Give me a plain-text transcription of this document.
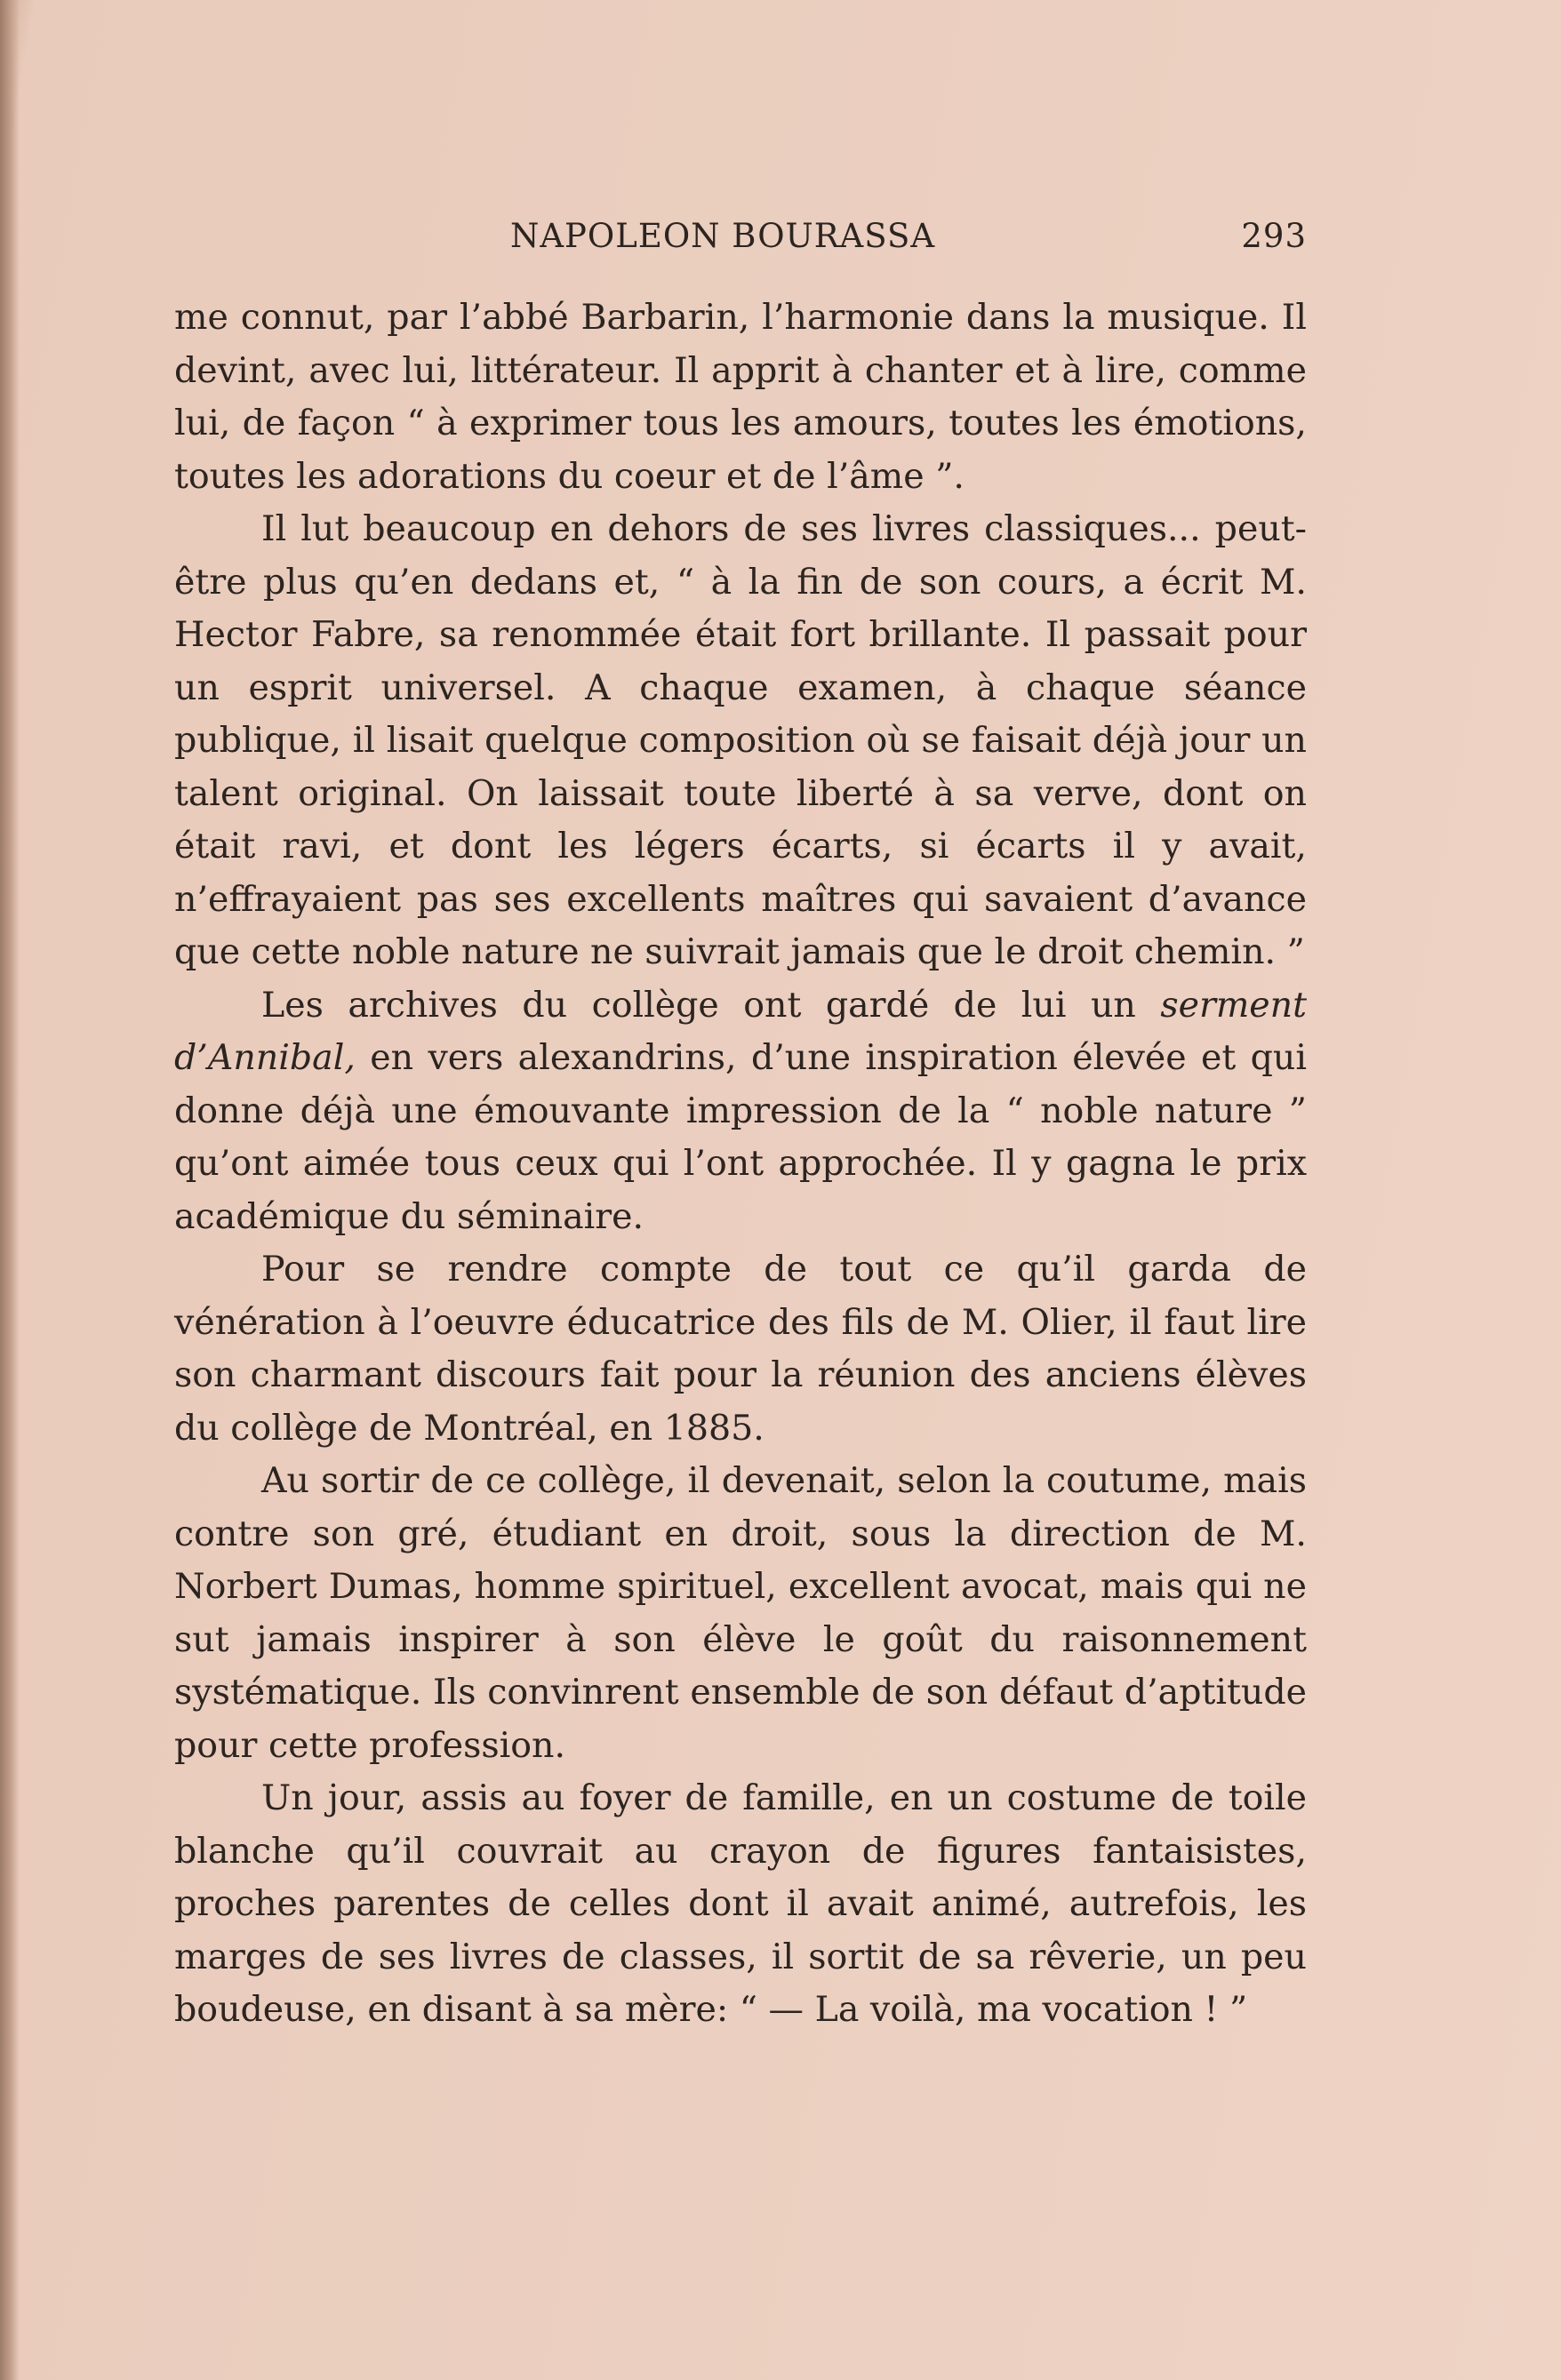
NAPOLEON BOURASSA	293

me connut, par l’abbé Barbarin, l’harmonie dans la musique. Il devint, avec lui, littérateur. Il apprit à chanter et à lire, comme lui, de façon “ à exprimer tous les amours, toutes les émotions, toutes les adorations du coeur et de l’âme ”.

Il lut beaucoup en dehors de ses livres classiques... peut-être plus qu’en dedans et, “ à la fin de son cours, a écrit M. Hector Fabre, sa renommée était fort brillante. Il passait pour un esprit universel. A chaque examen, à chaque séance publique, il lisait quelque composition où se faisait déjà jour un talent original. On laissait toute liberté à sa verve, dont on était ravi, et dont les légers écarts, si écarts il y avait, n’effrayaient pas ses excellents maîtres qui savaient d’avance que cette noble nature ne suivrait jamais que le droit chemin. ”

Les archives du collège ont gardé de lui un serment d’Annibal, en vers alexandrins, d’une inspiration élevée et qui donne déjà une émouvante impression de la “ noble nature ” qu’ont aimée tous ceux qui l’ont approchée. Il y gagna le prix académique du séminaire.

Pour se rendre compte de tout ce qu’il garda de vénération à l’oeuvre éducatrice des fils de M. Olier, il faut lire son charmant discours fait pour la réunion des anciens élèves du collège de Montréal, en 1885.

Au sortir de ce collège, il devenait, selon la coutume, mais contre son gré, étudiant en droit, sous la direction de M. Norbert Dumas, homme spirituel, excellent avocat, mais qui ne sut jamais inspirer à son élève le goût du raisonnement systématique. Ils convinrent ensemble de son défaut d’aptitude pour cette profession.

Un jour, assis au foyer de famille, en un costume de toile blanche qu’il couvrait au crayon de figures fantaisistes, proches parentes de celles dont il avait animé, autrefois, les marges de ses livres de classes, il sortit de sa rêverie, un peu boudeuse, en disant à sa mère: “ — La voilà, ma vocation ! ”
